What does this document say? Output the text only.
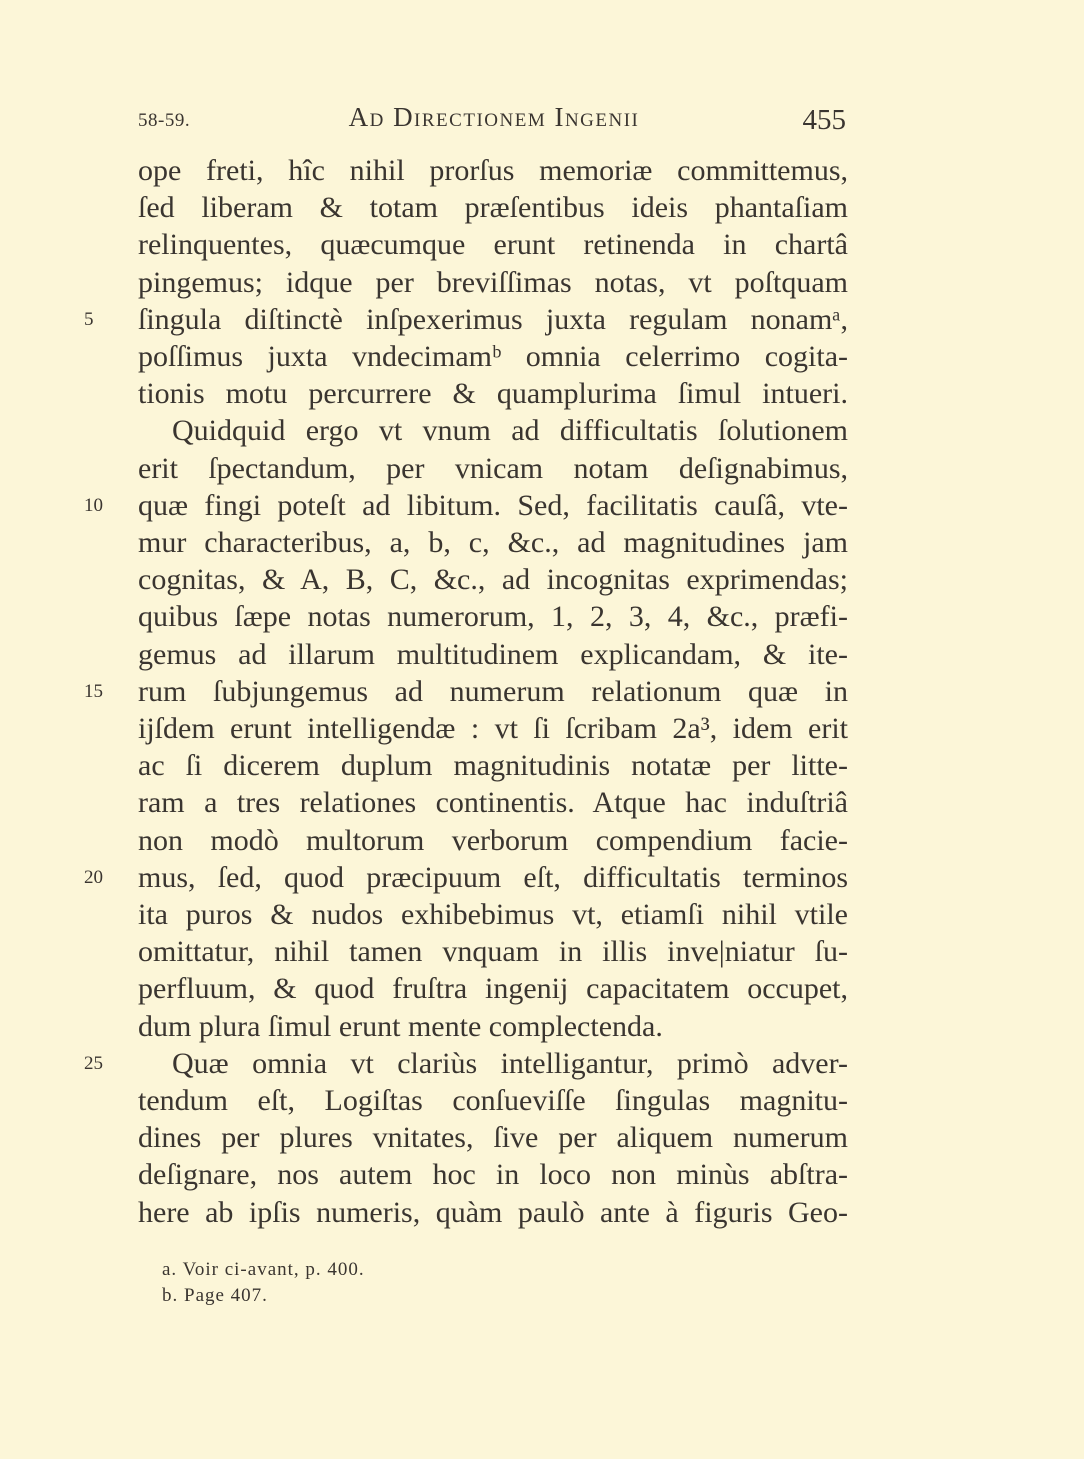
58-59.	Ad Directionem Ingenii	455
ope freti, hîc nihil prorſus memoriæ committemus,
ſed liberam & totam præſentibus ideis phantaſiam
relinquentes, quæcumque erunt retinenda in chartâ
pingemus; idque per breviſſimas notas, vt poſtquam
ſingula diſtinctè inſpexerimus juxta regulam nonamᵃ,
poſſimus juxta vndecimamᵇ omnia celerrimo cogita-
tionis motu percurrere & quamplurima ſimul intueri.
Quidquid ergo vt vnum ad difficultatis ſolutionem
erit ſpectandum, per vnicam notam deſignabimus,
quæ fingi poteſt ad libitum. Sed, facilitatis cauſâ, vte-
mur characteribus, a, b, c, &c., ad magnitudines jam
cognitas, & A, B, C, &c., ad incognitas exprimendas;
quibus ſæpe notas numerorum, 1, 2, 3, 4, &c., præfi-
gemus ad illarum multitudinem explicandam, & ite-
rum ſubjungemus ad numerum relationum quæ in
ijſdem erunt intelligendæ : vt ſi ſcribam 2a³, idem erit
ac ſi dicerem duplum magnitudinis notatæ per litte-
ram a tres relationes continentis. Atque hac induſtriâ
non modò multorum verborum compendium facie-
mus, ſed, quod præcipuum eſt, difficultatis terminos
ita puros & nudos exhibebimus vt, etiamſi nihil vtile
omittatur, nihil tamen vnquam in illis inve|niatur ſu-
perfluum, & quod fruſtra ingenij capacitatem occupet,
dum plura ſimul erunt mente complectenda.
Quæ omnia vt clariùs intelligantur, primò adver-
tendum eſt, Logiſtas conſueviſſe ſingulas magnitu-
dines per plures vnitates, ſive per aliquem numerum
deſignare, nos autem hoc in loco non minùs abſtra-
here ab ipſis numeris, quàm paulò ante à figuris Geo-
5
10
15
20
25
a. Voir ci-avant, p. 400.
b. Page 407.
